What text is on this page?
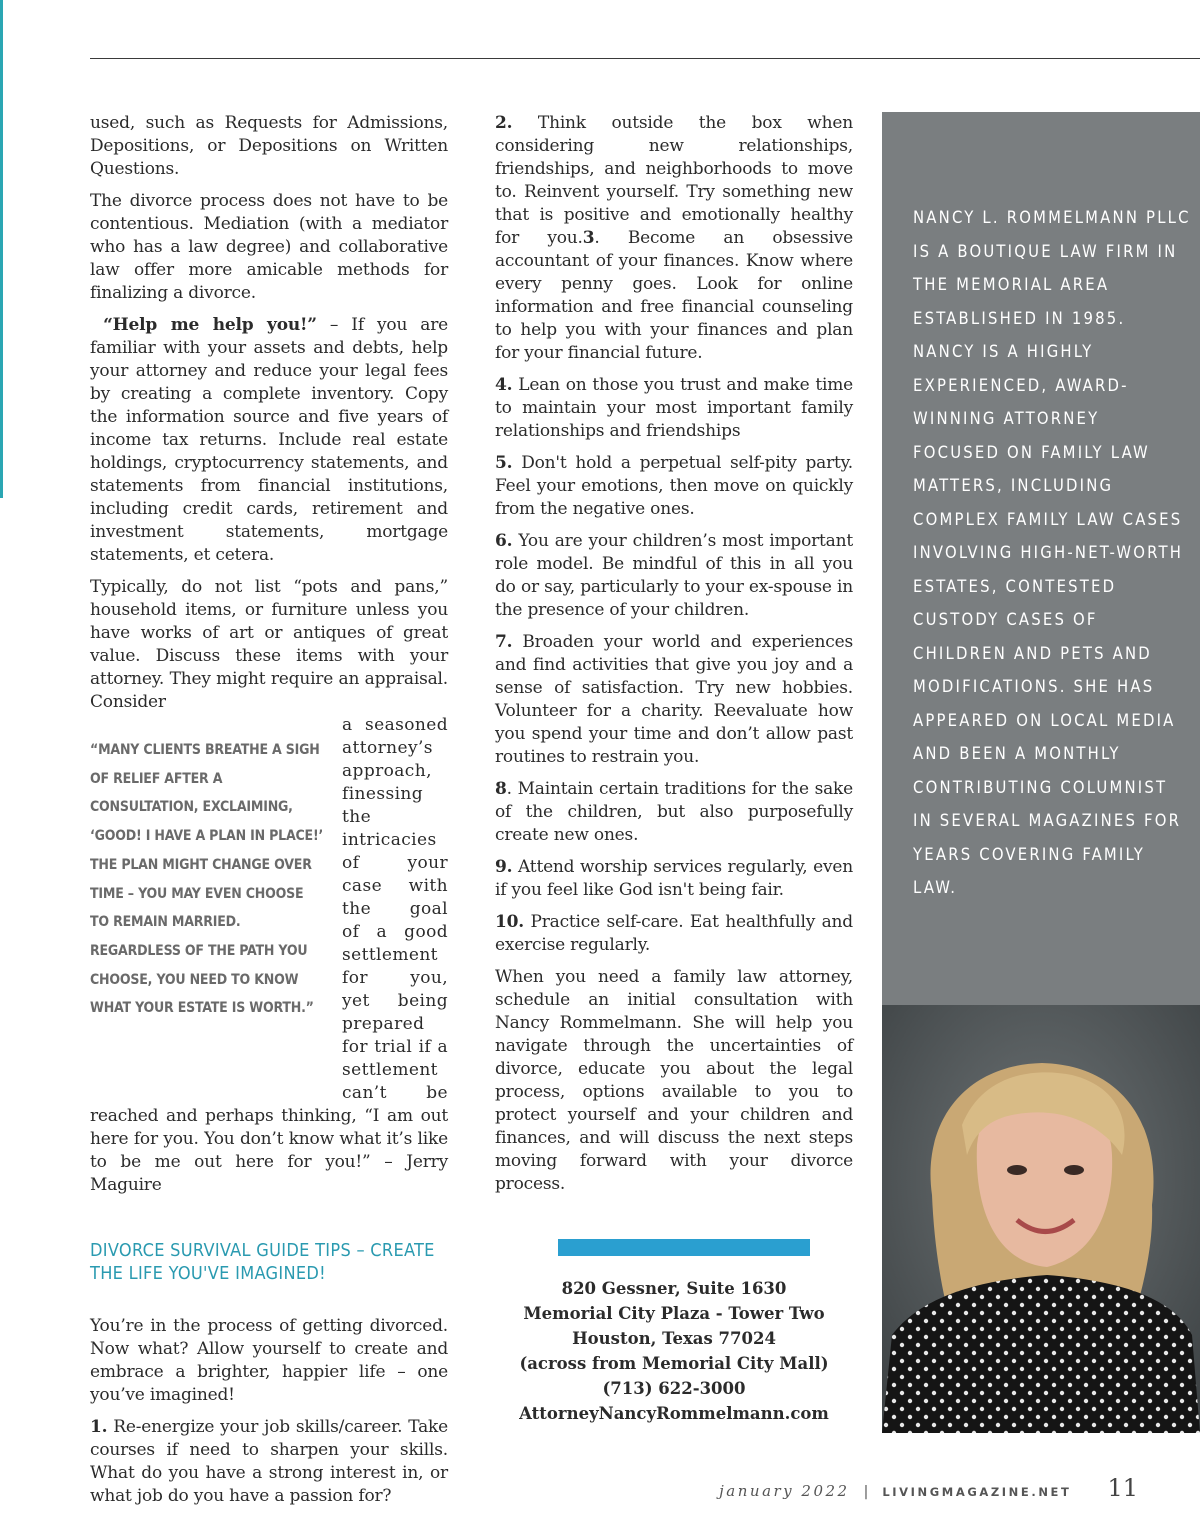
used, such as Requests for Admissions, Depositions, or Depositions on Written Questions.

The divorce process does not have to be contentious. Mediation (with a mediator who has a law degree) and collaborative law offer more amicable methods for finalizing a divorce.

“Help me help you!” – If you are familiar with your assets and debts, help your attorney and reduce your legal fees by creating a complete inventory. Copy the information source and five years of income tax returns. Include real estate holdings, cryptocurrency statements, and statements from financial institutions, including credit cards, retirement and investment statements, mortgage statements, et cetera.

Typically, do not list “pots and pans,” household items, or furniture unless you have works of art or antiques of great value. Discuss these items with your attorney. They might require an appraisal. Consider

a seasoned
attorney’s
approach,
finessing the
intricacies
of your
case with
the goal
of a good
settlement
for you,
yet being
prepared
for trial if a
settlement
can’t be
“MANY CLIENTS BREATHE A SIGH OF RELIEF AFTER A CONSULTATION, EXCLAIMING, ‘GOOD! I HAVE A PLAN IN PLACE!’ THE PLAN MIGHT CHANGE OVER TIME – YOU MAY EVEN CHOOSE TO REMAIN MARRIED. REGARDLESS OF THE PATH YOU CHOOSE, YOU NEED TO KNOW WHAT YOUR ESTATE IS WORTH.”
reached and perhaps thinking, “I am out here for you. You don’t know what it’s like to be me out here for you!” – Jerry Maguire
DIVORCE SURVIVAL GUIDE TIPS – CREATE THE LIFE YOU'VE IMAGINED!

You’re in the process of getting divorced. Now what? Allow yourself to create and embrace a brighter, happier life – one you’ve imagined!

1. Re-energize your job skills/career. Take courses if need to sharpen your skills. What do you have a strong interest in, or what job do you have a passion for?

2. Think outside the box when considering new relationships, friendships, and neighborhoods to move to. Reinvent yourself. Try something new that is positive and emotionally healthy for you.3. Become an obsessive accountant of your finances. Know where every penny goes. Look for online information and free financial counseling to help you with your finances and plan for your financial future.

4. Lean on those you trust and make time to maintain your most important family relationships and friendships

5. Don't hold a perpetual self-pity party. Feel your emotions, then move on quickly from the negative ones.

6. You are your children’s most important role model. Be mindful of this in all you do or say, particularly to your ex-spouse in the presence of your children.

7. Broaden your world and experiences and find activities that give you joy and a sense of satisfaction. Try new hobbies. Volunteer for a charity. Reevaluate how you spend your time and don’t allow past routines to restrain you.

8. Maintain certain traditions for the sake of the children, but also purposefully create new ones.

9. Attend worship services regularly, even if you feel like God isn't being fair.

10. Practice self-care. Eat healthfully and exercise regularly.

When you need a family law attorney, schedule an initial consultation with Nancy Rommelmann. She will help you navigate through the uncertainties of divorce, educate you about the legal process, options available to you to protect yourself and your children and finances, and will discuss the next steps moving forward with your divorce process.

NANCY L. ROMMELMANN PLLC IS A BOUTIQUE LAW FIRM IN THE MEMORIAL AREA ESTABLISHED IN 1985. NANCY IS A HIGHLY EXPERIENCED, AWARD-WINNING ATTORNEY FOCUSED ON FAMILY LAW MATTERS, INCLUDING COMPLEX FAMILY LAW CASES INVOLVING HIGH-NET-WORTH ESTATES, CONTESTED CUSTODY CASES OF CHILDREN AND PETS AND MODIFICATIONS. SHE HAS APPEARED ON LOCAL MEDIA AND BEEN A MONTHLY CONTRIBUTING COLUMNIST IN SEVERAL MAGAZINES FOR YEARS COVERING FAMILY LAW.
820 Gessner, Suite 1630
Memorial City Plaza - Tower Two
Houston, Texas 77024
(across from Memorial City Mall)
(713) 622-3000
AttorneyNancyRommelmann.com
january 2022 | LIVINGMAGAZINE.NET 11
